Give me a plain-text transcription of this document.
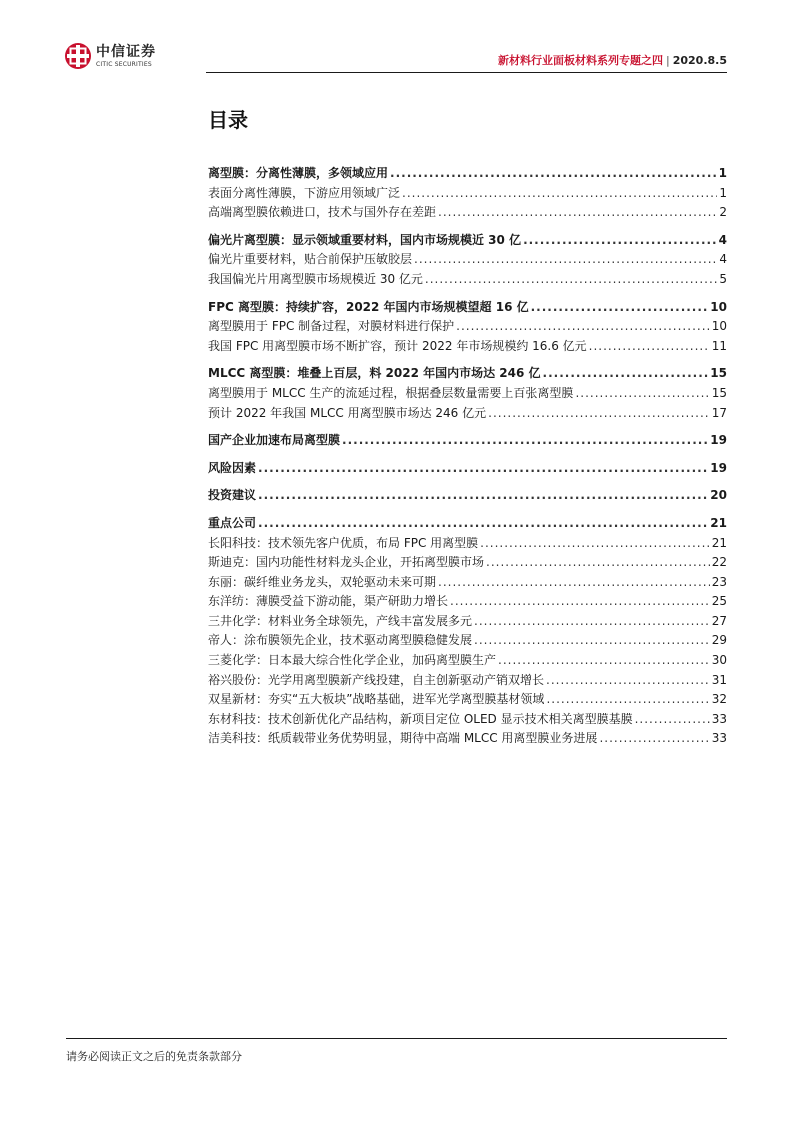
中信证券
CITIC SECURITIES	新材料行业面板材料系列专题之四 | 2020.8.5
目录
离型膜：分离性薄膜，多领域应用 .....	1
表面分离性薄膜，下游应用领域广泛 .....	1
高端离型膜依赖进口，技术与国外存在差距 .....	2
偏光片离型膜：显示领域重要材料，国内市场规模近 30 亿 .....	4
偏光片重要材料，贴合前保护压敏胶层 .....	4
我国偏光片用离型膜市场规模近 30 亿元 .....	5
FPC 离型膜：持续扩容，2022 年国内市场规模望超 16 亿 .....	10
离型膜用于 FPC 制备过程，对膜材料进行保护 .....	10
我国 FPC 用离型膜市场不断扩容，预计 2022 年市场规模约 16.6 亿元 .....	11
MLCC 离型膜：堆叠上百层，料 2022 年国内市场达 246 亿 .....	15
离型膜用于 MLCC 生产的流延过程，根据叠层数量需要上百张离型膜 .....	15
预计 2022 年我国 MLCC 用离型膜市场达 246 亿元 .....	17
国产企业加速布局离型膜 .....	19
风险因素 .....	19
投资建议 .....	20
重点公司 .....	21
长阳科技：技术领先客户优质，布局 FPC 用离型膜 .....	21
斯迪克：国内功能性材料龙头企业，开拓离型膜市场 .....	22
东丽：碳纤维业务龙头，双轮驱动未来可期 .....	23
东洋纺：薄膜受益下游动能，渠产研助力增长 .....	25
三井化学：材料业务全球领先，产线丰富发展多元 .....	27
帝人：涂布膜领先企业，技术驱动离型膜稳健发展 .....	29
三菱化学：日本最大综合性化学企业，加码离型膜生产 .....	30
裕兴股份：光学用离型膜新产线投建，自主创新驱动产销双增长 .....	31
双星新材：夯实“五大板块”战略基础，进军光学离型膜基材领域 .....	32
东材科技：技术创新优化产品结构，新项目定位 OLED 显示技术相关离型膜基膜 .....	33
洁美科技：纸质载带业务优势明显，期待中高端 MLCC 用离型膜业务进展 .....	33
请务必阅读正文之后的免责条款部分
